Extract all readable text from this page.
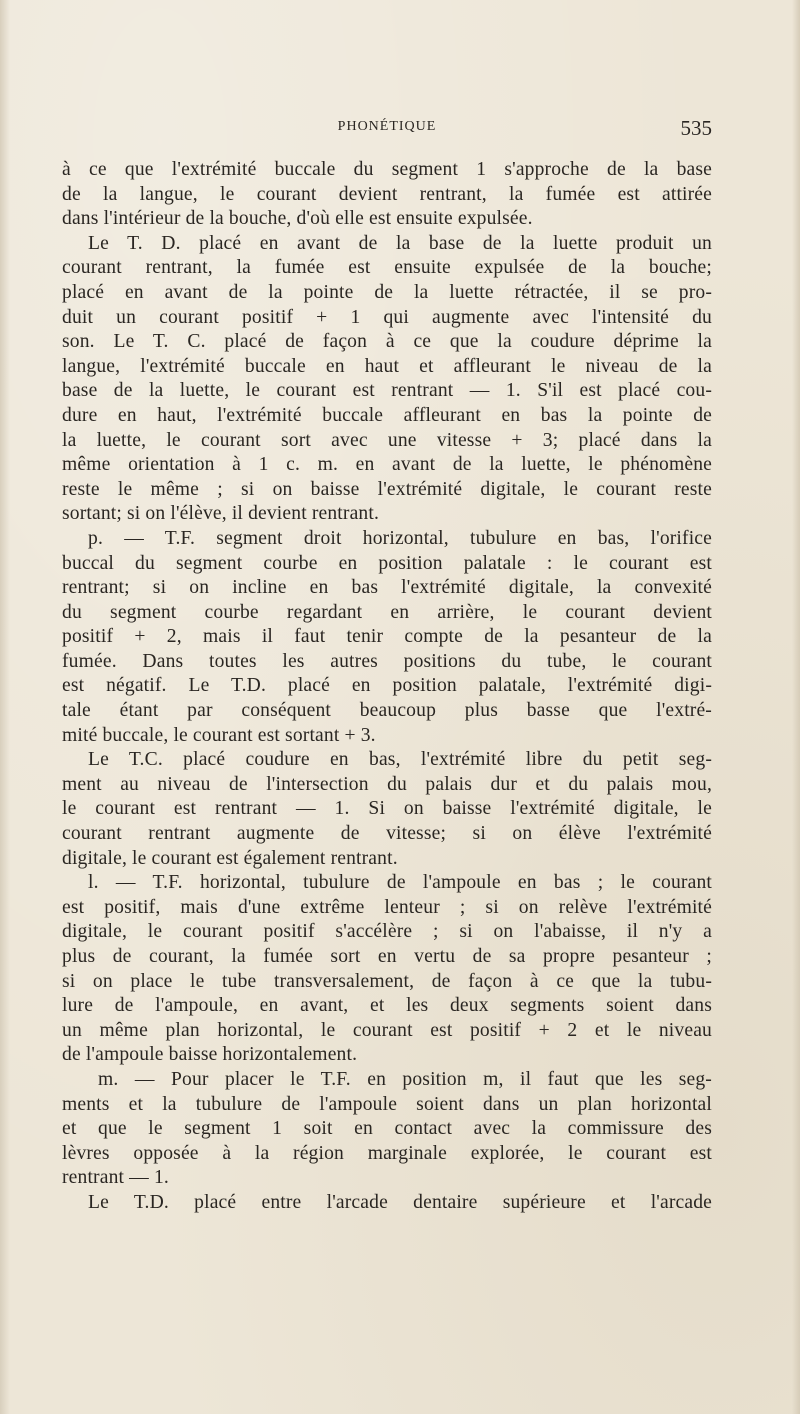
PHONÉTIQUE	535
à ce que l'extrémité buccale du segment 1 s'approche de la base
de la langue, le courant devient rentrant, la fumée est attirée
dans l'intérieur de la bouche, d'où elle est ensuite expulsée.
Le T. D. placé en avant de la base de la luette produit un
courant rentrant, la fumée est ensuite expulsée de la bouche;
placé en avant de la pointe de la luette rétractée, il se pro-
duit un courant positif + 1 qui augmente avec l'intensité du
son. Le T. C. placé de façon à ce que la coudure déprime la
langue, l'extrémité buccale en haut et affleurant le niveau de la
base de la luette, le courant est rentrant — 1. S'il est placé cou-
dure en haut, l'extrémité buccale affleurant en bas la pointe de
la luette, le courant sort avec une vitesse + 3; placé dans la
même orientation à 1 c. m. en avant de la luette, le phénomène
reste le même ; si on baisse l'extrémité digitale, le courant reste
sortant; si on l'élève, il devient rentrant.
p. — T.F. segment droit horizontal, tubulure en bas, l'orifice
buccal du segment courbe en position palatale : le courant est
rentrant; si on incline en bas l'extrémité digitale, la convexité
du segment courbe regardant en arrière, le courant devient
positif + 2, mais il faut tenir compte de la pesanteur de la
fumée. Dans toutes les autres positions du tube, le courant
est négatif. Le T.D. placé en position palatale, l'extrémité digi-
tale étant par conséquent beaucoup plus basse que l'extré-
mité buccale, le courant est sortant + 3.
Le T.C. placé coudure en bas, l'extrémité libre du petit seg-
ment au niveau de l'intersection du palais dur et du palais mou,
le courant est rentrant — 1. Si on baisse l'extrémité digitale, le
courant rentrant augmente de vitesse; si on élève l'extrémité
digitale, le courant est également rentrant.
l. — T.F. horizontal, tubulure de l'ampoule en bas ; le courant
est positif, mais d'une extrême lenteur ; si on relève l'extrémité
digitale, le courant positif s'accélère ; si on l'abaisse, il n'y a
plus de courant, la fumée sort en vertu de sa propre pesanteur ;
si on place le tube transversalement, de façon à ce que la tubu-
lure de l'ampoule, en avant, et les deux segments soient dans
un même plan horizontal, le courant est positif + 2 et le niveau
de l'ampoule baisse horizontalement.
m. — Pour placer le T.F. en position m, il faut que les seg-
ments et la tubulure de l'ampoule soient dans un plan horizontal
et que le segment 1 soit en contact avec la commissure des
lèvres opposée à la région marginale explorée, le courant est
rentrant — 1.
Le T.D. placé entre l'arcade dentaire supérieure et l'arcade
